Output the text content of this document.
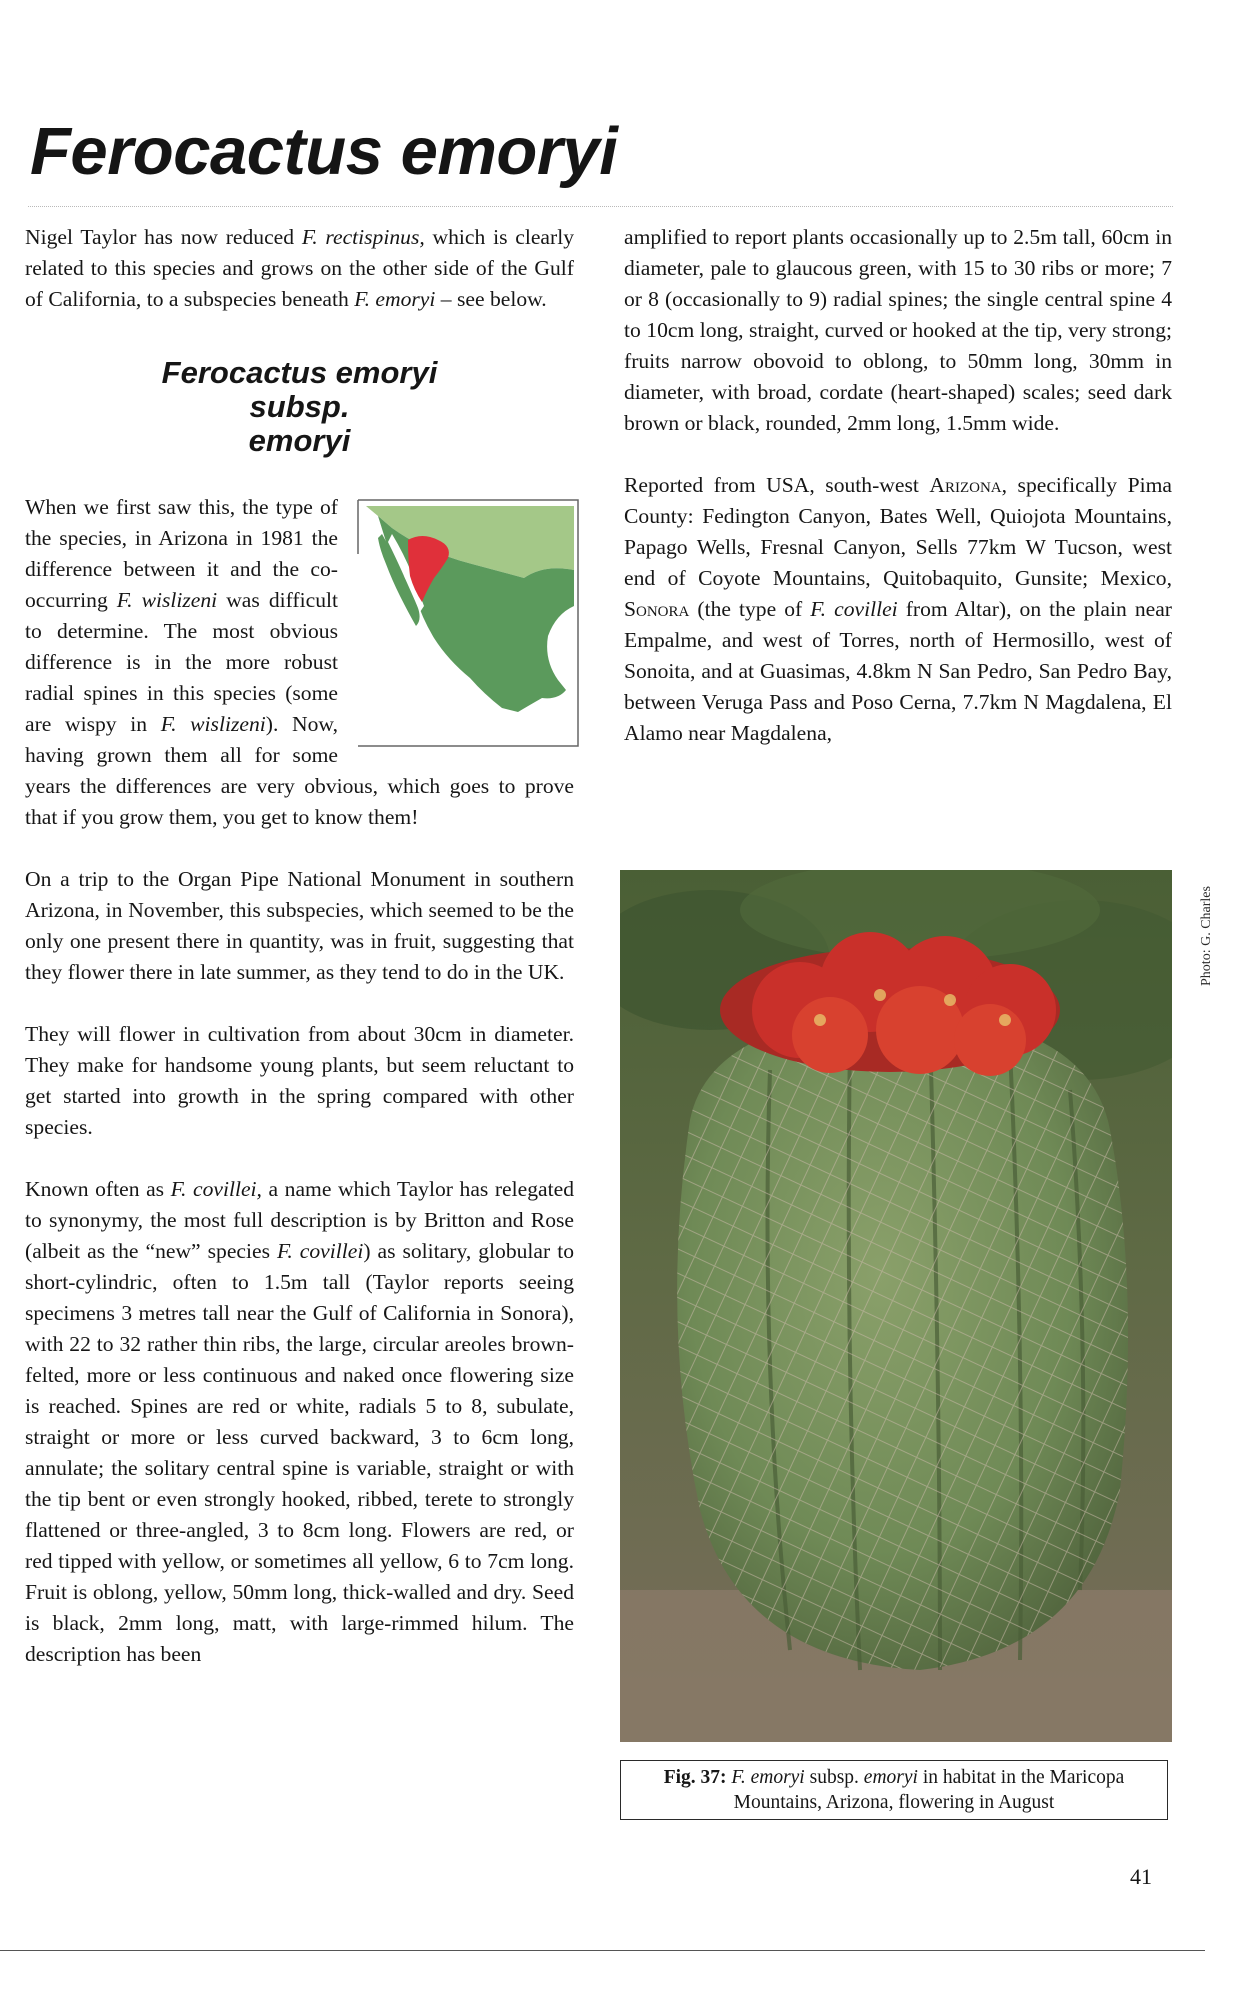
Ferocactus emoryi

Nigel Taylor has now reduced F. rectispinus, which is clearly related to this species and grows on the other side of the Gulf of California, to a subspecies beneath F. emoryi – see below.

Ferocactus emoryi
subsp.
emoryi

When we first saw this, the type of the species, in Arizona in 1981 the difference between it and the co-occurring F. wislizeni was difficult to determine. The most obvious difference is in the more robust radial spines in this species (some are wispy in F. wislizeni). Now, having grown them all for some years the differences are very obvious, which goes to prove that if you grow them, you get to know them!

On a trip to the Organ Pipe National Monument in southern Arizona, in November, this subspecies, which seemed to be the only one present there in quantity, was in fruit, suggesting that they flower there in late summer, as they tend to do in the UK.

They will flower in cultivation from about 30cm in diameter. They make for handsome young plants, but seem reluctant to get started into growth in the spring compared with other species.

Known often as F. covillei, a name which Taylor has relegated to synonymy, the most full description is by Britton and Rose (albeit as the “new” species F. covillei) as solitary, globular to short-cylindric, often to 1.5m tall (Taylor reports seeing specimens 3 metres tall near the Gulf of California in Sonora), with 22 to 32 rather thin ribs, the large, circular areoles brown-felted, more or less continuous and naked once flowering size is reached. Spines are red or white, radials 5 to 8, subulate, straight or more or less curved backward, 3 to 6cm long, annulate; the solitary central spine is variable, straight or with the tip bent or even strongly hooked, ribbed, terete to strongly flattened or three-angled, 3 to 8cm long. Flowers are red, or red tipped with yellow, or sometimes all yellow, 6 to 7cm long. Fruit is oblong, yellow, 50mm long, thick-walled and dry. Seed is black, 2mm long, matt, with large-rimmed hilum. The description has been

amplified to report plants occasionally up to 2.5m tall, 60cm in diameter, pale to glaucous green, with 15 to 30 ribs or more; 7 or 8 (occasionally to 9) radial spines; the single central spine 4 to 10cm long, straight, curved or hooked at the tip, very strong; fruits narrow obovoid to oblong, to 50mm long, 30mm in diameter, with broad, cordate (heart-shaped) scales; seed dark brown or black, rounded, 2mm long, 1.5mm wide.

Reported from USA, south-west Arizona, specifically Pima County: Fedington Canyon, Bates Well, Quiojota Mountains, Papago Wells, Fresnal Canyon, Sells 77km W Tucson, west end of Coyote Mountains, Quitobaquito, Gunsite; Mexico, Sonora (the type of F. covillei from Altar), on the plain near Empalme, and west of Torres, north of Hermosillo, west of Sonoita, and at Guasimas, 4.8km N San Pedro, San Pedro Bay, between Veruga Pass and Poso Cerna, 7.7km N Magdalena, El Alamo near Magdalena,

Photo: G. Charles
Fig. 37: F. emoryi subsp. emoryi in habitat in the Maricopa Mountains, Arizona, flowering in August
41
